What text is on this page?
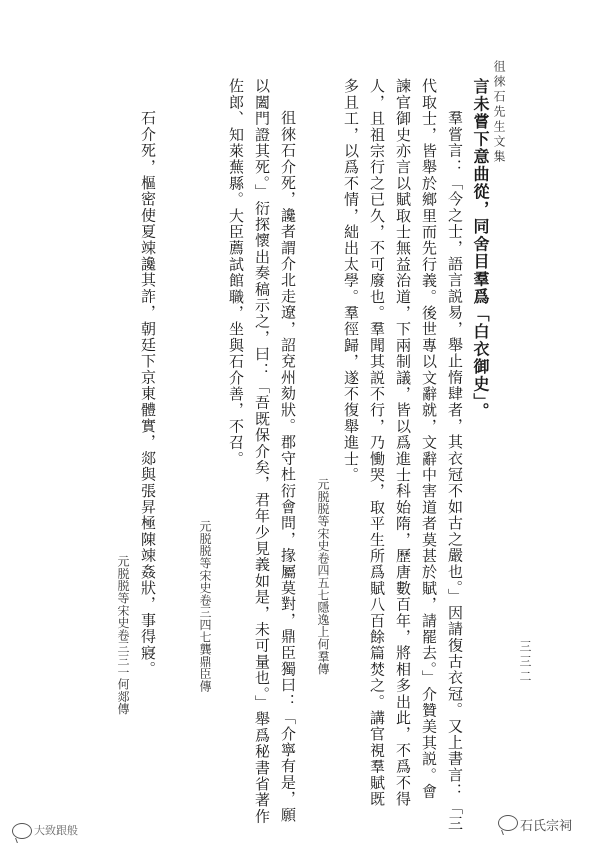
三三二
徂徠石先生文集
言未嘗下意曲從，同舍目羣爲「白衣御史」。
羣嘗言：「今之士，語言説易，舉止惰肆者，其衣冠不如古之嚴也。」因請復古衣冠。又上書言：「三
代取士，皆舉於鄉里而先行義。後世專以文辭就，文辭中害道者莫甚於賦，請罷去。」介贊美其説。會
諫官御史亦言以賦取士無益治道，下兩制議，皆以爲進士科始隋，歷唐數百年，將相多出此，不爲不得
人，且祖宗行之已久，不可廢也。羣聞其説不行，乃慟哭，取平生所爲賦八百餘篇焚之。講官視羣賦既
多且工，以爲不情，絀出太學。羣徑歸，遂不復舉進士。
元脱脱等宋史卷四五七隱逸上何羣傳
徂徠石介死，讒者謂介北走遼，詔兗州劾狀。郡守杜衍會問，掾屬莫對，鼎臣獨曰：「介寧有是，願
以闔門證其死。」衍探懷出奏稿示之，曰：「吾既保介矣，君年少見義如是，未可量也。」舉爲秘書省著作
佐郎、知萊蕪縣。大臣薦試館職，坐與石介善，不召。
元脱脱等宋史卷三四七龔鼎臣傳
石介死，樞密使夏竦讒其詐，朝廷下京東體實，郯與張昇極陳竦姦狀，事得寢。
元脱脱等宋史卷三三一何郯傳
大致跟般	石氏宗祠
